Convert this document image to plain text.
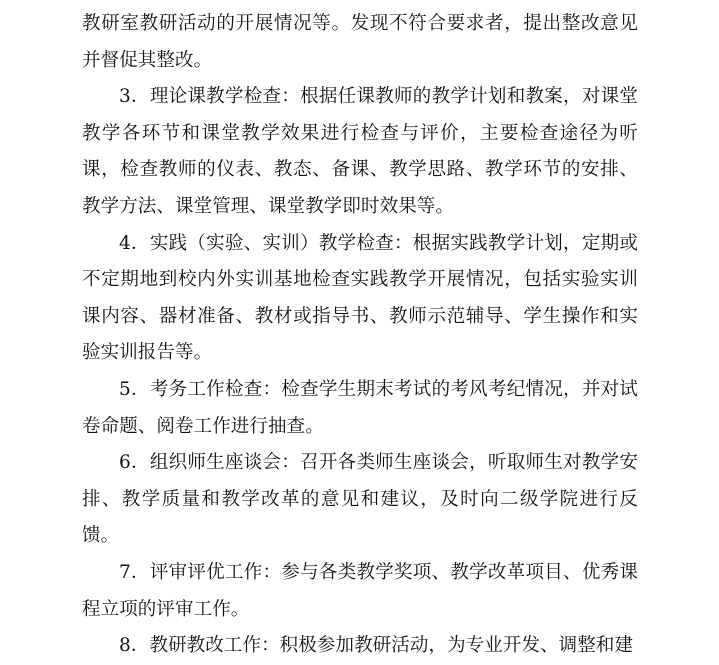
教研室教研活动的开展情况等。发现不符合要求者，提出整改意见并督促其整改。

3．理论课教学检查：根据任课教师的教学计划和教案，对课堂教学各环节和课堂教学效果进行检查与评价，主要检查途径为听课，检查教师的仪表、教态、备课、教学思路、教学环节的安排、教学方法、课堂管理、课堂教学即时效果等。

4．实践（实验、实训）教学检查：根据实践教学计划，定期或不定期地到校内外实训基地检查实践教学开展情况，包括实验实训课内容、器材准备、教材或指导书、教师示范辅导、学生操作和实验实训报告等。

5．考务工作检查：检查学生期末考试的考风考纪情况，并对试卷命题、阅卷工作进行抽查。

6．组织师生座谈会：召开各类师生座谈会，听取师生对教学安排、教学质量和教学改革的意见和建议，及时向二级学院进行反馈。

7．评审评优工作：参与各类教学奖项、教学改革项目、优秀课程立项的评审工作。

8．教研教改工作：积极参加教研活动，为专业开发、调整和建
